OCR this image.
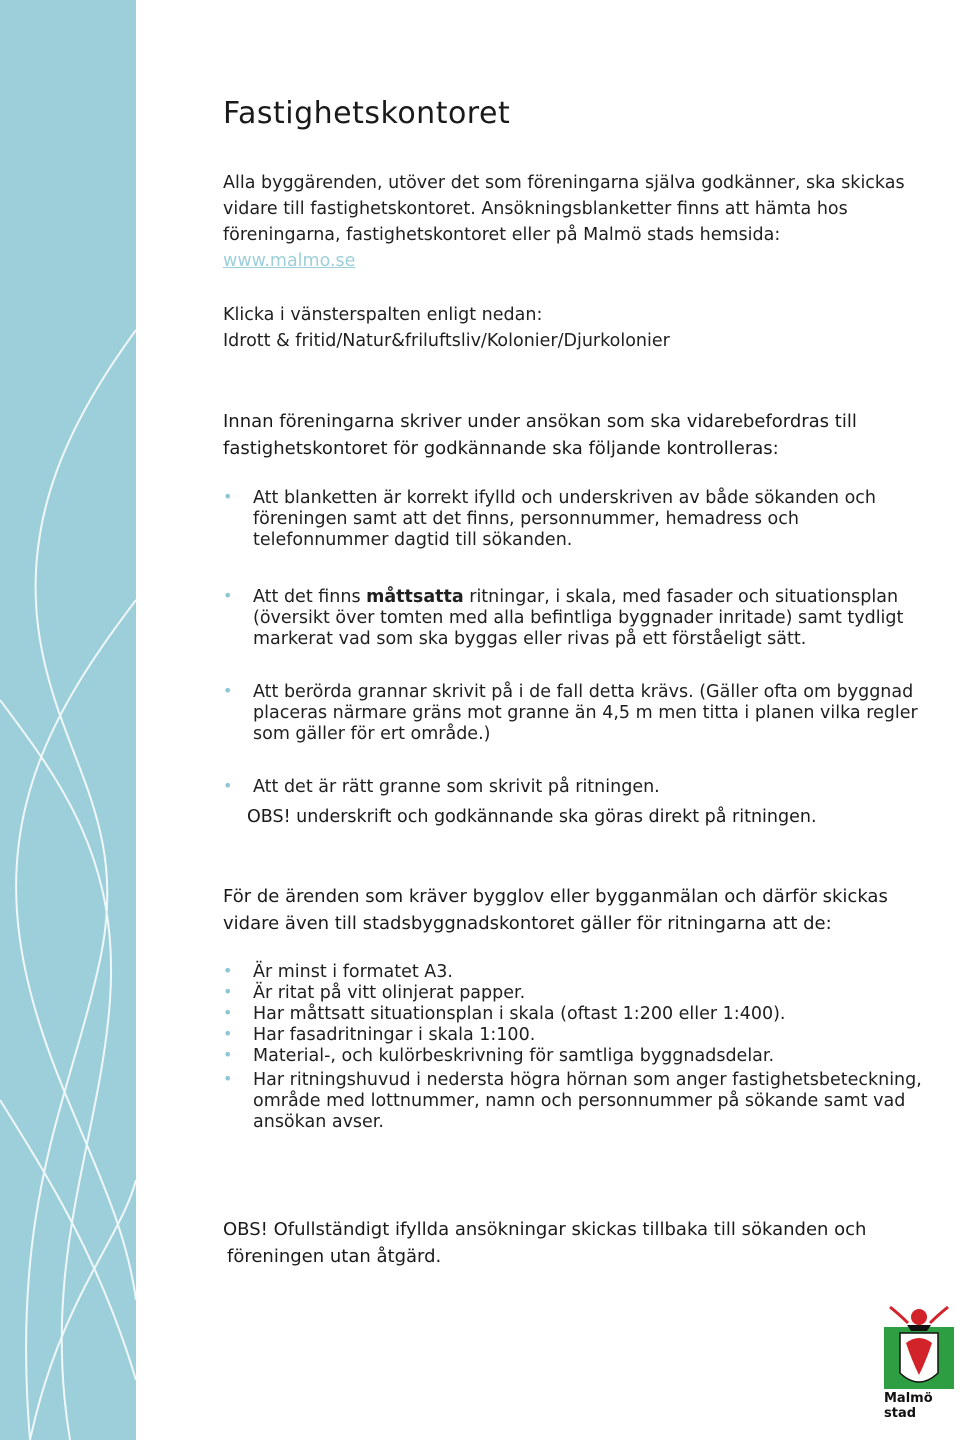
Fastighetskontoret

Alla byggärenden, utöver det som föreningarna själva godkänner, ska skickas vidare till fastighetskontoret. Ansökningsblanketter finns att hämta hos föreningarna, fastighetskontoret eller på Malmö stads hemsida:
www.malmo.se

Klicka i vänsterspalten enligt nedan:
Idrott & fritid/Natur&friluftsliv/Kolonier/Djurkolonier

Innan föreningarna skriver under ansökan som ska vidarebefordras till fastighetskontoret för godkännande ska följande kontrolleras:

• Att blanketten är korrekt ifylld och underskriven av både sökanden och föreningen samt att det finns, personnummer, hemadress och telefonnummer dagtid till sökanden.
• Att det finns måttsatta ritningar, i skala, med fasader och situationsplan (översikt över tomten med alla befintliga byggnader inritade) samt tydligt markerat vad som ska byggas eller rivas på ett förståeligt sätt.
• Att berörda grannar skrivit på i de fall detta krävs. (Gäller ofta om byggnad placeras närmare gräns mot granne än 4,5 m men titta i planen vilka regler som gäller för ert område.)
• Att det är rätt granne som skrivit på ritningen.

OBS! underskrift och godkännande ska göras direkt på ritningen.

För de ärenden som kräver bygglov eller bygganmälan och därför skickas vidare även till stadsbyggnadskontoret gäller för ritningarna att de:

• Är minst i formatet A3.
• Är ritat på vitt olinjerat papper.
• Har måttsatt situationsplan i skala (oftast 1:200 eller 1:400).
• Har fasadritningar i skala 1:100.
• Material-, och kulörbeskrivning för samtliga byggnadsdelar.
• Har ritningshuvud i nedersta högra hörnan som anger fastighetsbeteckning, område med lottnummer, namn och personnummer på sökande samt vad ansökan avser.

OBS! Ofullständigt ifyllda ansökningar skickas tillbaka till sökanden och
föreningen utan åtgärd.

Malmö stad
